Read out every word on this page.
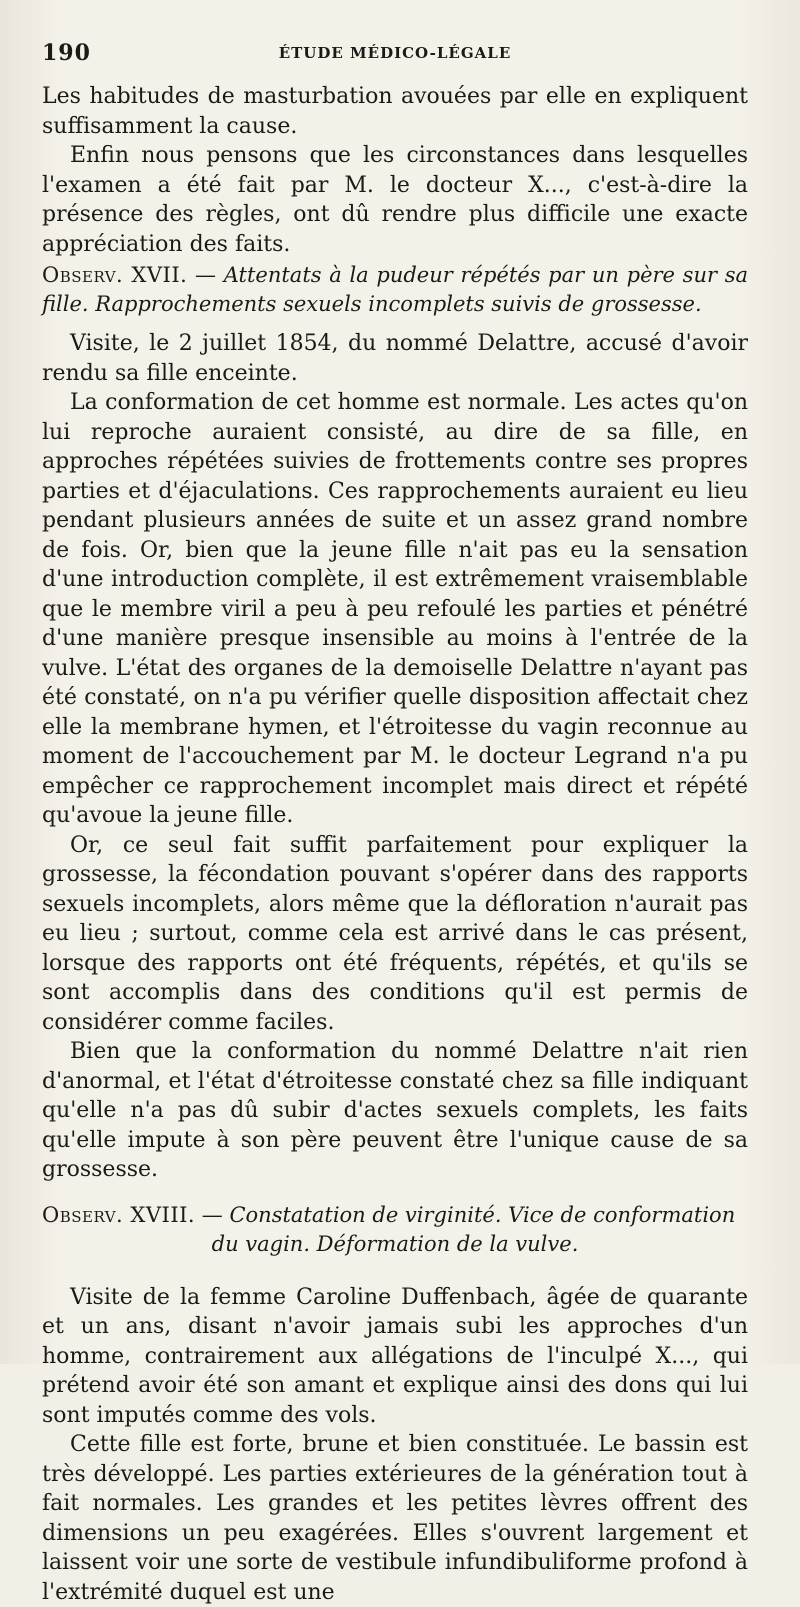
190	ÉTUDE MÉDICO-LÉGALE

Les habitudes de masturbation avouées par elle en expliquent suffisamment la cause.

Enfin nous pensons que les circonstances dans lesquelles l'examen a été fait par M. le docteur X..., c'est-à-dire la présence des règles, ont dû rendre plus difficile une exacte appréciation des faits.

Observ. XVII. — Attentats à la pudeur répétés par un père sur sa fille. Rapprochements sexuels incomplets suivis de grossesse.

Visite, le 2 juillet 1854, du nommé Delattre, accusé d'avoir rendu sa fille enceinte.

La conformation de cet homme est normale. Les actes qu'on lui reproche auraient consisté, au dire de sa fille, en approches répétées suivies de frottements contre ses propres parties et d'éjaculations. Ces rapprochements auraient eu lieu pendant plusieurs années de suite et un assez grand nombre de fois. Or, bien que la jeune fille n'ait pas eu la sensation d'une introduction complète, il est extrêmement vraisemblable que le membre viril a peu à peu refoulé les parties et pénétré d'une manière presque insensible au moins à l'entrée de la vulve. L'état des organes de la demoiselle Delattre n'ayant pas été constaté, on n'a pu vérifier quelle disposition affectait chez elle la membrane hymen, et l'étroitesse du vagin reconnue au moment de l'accouchement par M. le docteur Legrand n'a pu empêcher ce rapprochement incomplet mais direct et répété qu'avoue la jeune fille.

Or, ce seul fait suffit parfaitement pour expliquer la grossesse, la fécondation pouvant s'opérer dans des rapports sexuels incomplets, alors même que la défloration n'aurait pas eu lieu ; surtout, comme cela est arrivé dans le cas présent, lorsque des rapports ont été fréquents, répétés, et qu'ils se sont accomplis dans des conditions qu'il est permis de considérer comme faciles.

Bien que la conformation du nommé Delattre n'ait rien d'anormal, et l'état d'étroitesse constaté chez sa fille indiquant qu'elle n'a pas dû subir d'actes sexuels complets, les faits qu'elle impute à son père peuvent être l'unique cause de sa grossesse.

Observ. XVIII. — Constatation de virginité. Vice de conformation
du vagin. Déformation de la vulve.

Visite de la femme Caroline Duffenbach, âgée de quarante et un ans, disant n'avoir jamais subi les approches d'un homme, contrairement aux allégations de l'inculpé X..., qui prétend avoir été son amant et explique ainsi des dons qui lui sont imputés comme des vols.

Cette fille est forte, brune et bien constituée. Le bassin est très développé. Les parties extérieures de la génération tout à fait normales. Les grandes et les petites lèvres offrent des dimensions un peu exagérées. Elles s'ouvrent largement et laissent voir une sorte de vestibule infundibuliforme profond à l'extrémité duquel est une
